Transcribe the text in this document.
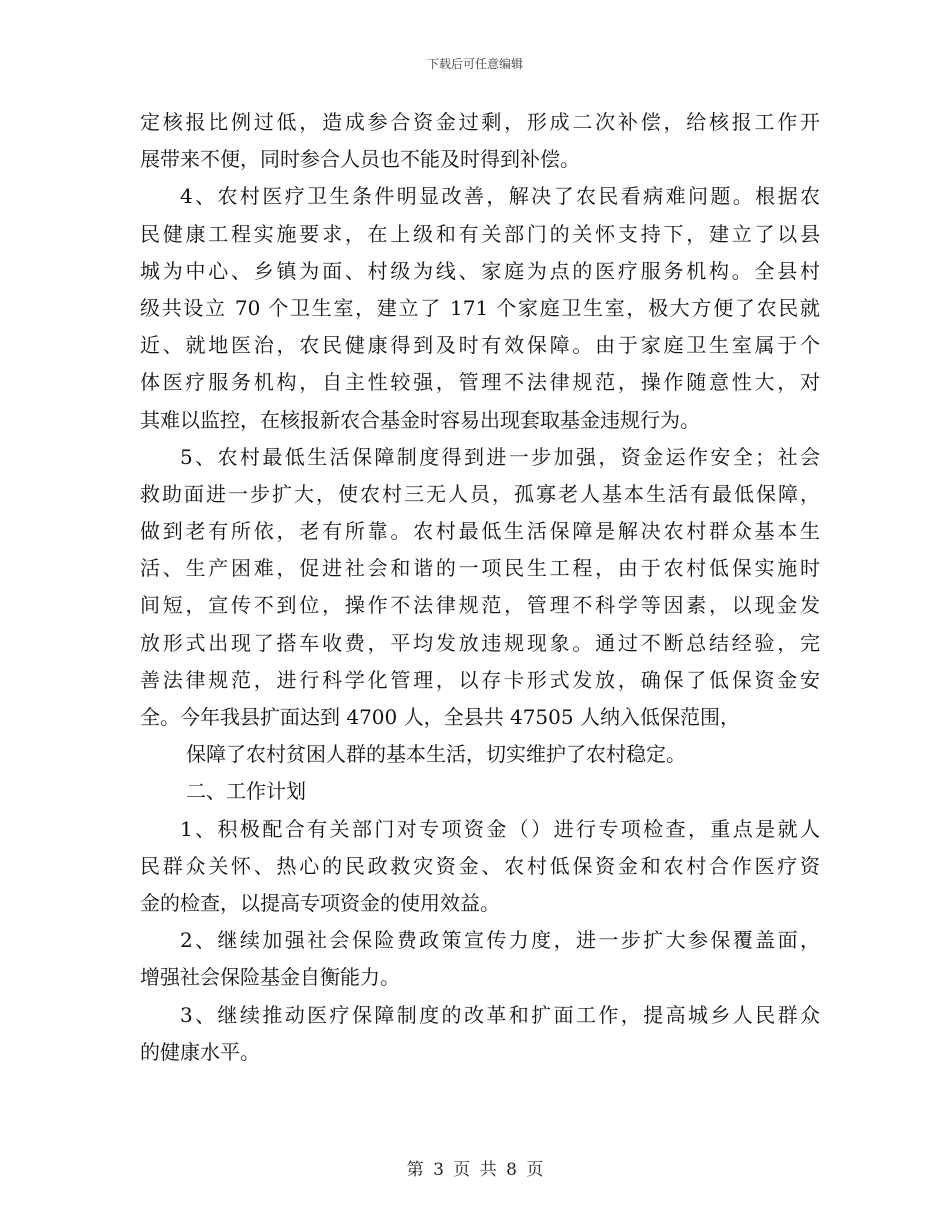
下载后可任意编辑
定核报比例过低，造成参合资金过剩，形成二次补偿，给核报工作开
展带来不便，同时参合人员也不能及时得到补偿。
4、农村医疗卫生条件明显改善，解决了农民看病难问题。根据农
民健康工程实施要求，在上级和有关部门的关怀支持下，建立了以县
城为中心、乡镇为面、村级为线、家庭为点的医疗服务机构。全县村
级共设立 70 个卫生室，建立了 171 个家庭卫生室，极大方便了农民就
近、就地医治，农民健康得到及时有效保障。由于家庭卫生室属于个
体医疗服务机构，自主性较强，管理不法律规范，操作随意性大，对
其难以监控，在核报新农合基金时容易出现套取基金违规行为。
5、农村最低生活保障制度得到进一步加强，资金运作安全；社会
救助面进一步扩大，使农村三无人员，孤寡老人基本生活有最低保障，
做到老有所依，老有所靠。农村最低生活保障是解决农村群众基本生
活、生产困难，促进社会和谐的一项民生工程，由于农村低保实施时
间短，宣传不到位，操作不法律规范，管理不科学等因素，以现金发
放形式出现了搭车收费，平均发放违规现象。通过不断总结经验，完
善法律规范，进行科学化管理，以存卡形式发放，确保了低保资金安
全。今年我县扩面达到 4700 人，全县共 47505 人纳入低保范围，
保障了农村贫困人群的基本生活，切实维护了农村稳定。
二、工作计划
1、积极配合有关部门对专项资金（）进行专项检查，重点是就人
民群众关怀、热心的民政救灾资金、农村低保资金和农村合作医疗资
金的检查，以提高专项资金的使用效益。
2、继续加强社会保险费政策宣传力度，进一步扩大参保覆盖面，
增强社会保险基金自衡能力。
3、继续推动医疗保障制度的改革和扩面工作，提高城乡人民群众
的健康水平。
第 3 页 共 8 页
